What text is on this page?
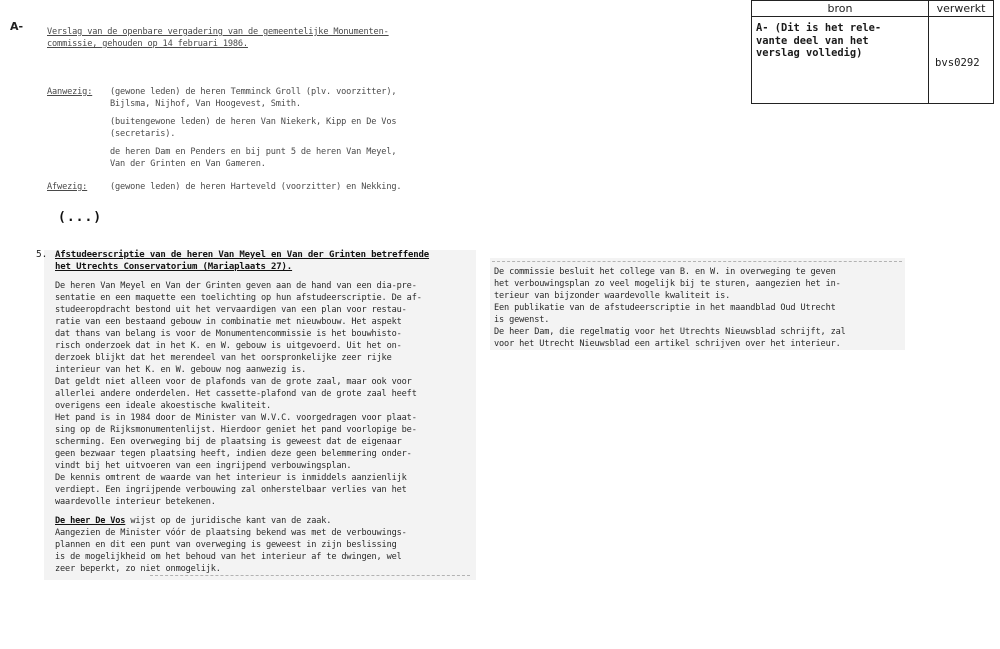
A-
bron	verwerkt
A- (Dit is het rele-
vante deel van het
verslag volledig)	bvs0292
Verslag van de openbare vergadering van de gemeentelijke Monumenten-
commissie, gehouden op 14 februari 1986.
Aanwezig: (gewone leden) de heren Temminck Groll (plv. voorzitter),
Bijlsma, Nijhof, Van Hoogevest, Smith.
(buitengewone leden) de heren Van Niekerk, Kipp en De Vos
(secretaris).
de heren Dam en Penders en bij punt 5 de heren Van Meyel,
Van der Grinten en Van Gameren.
Afwezig:	(gewone leden) de heren Harteveld (voorzitter) en Nekking.
(...)
5. Afstudeerscriptie van de heren Van Meyel en Van der Grinten betreffende
het Utrechts Conservatorium (Mariaplaats 27).
De heren Van Meyel en Van der Grinten geven aan de hand van een dia-pre-
sentatie en een maquette een toelichting op hun afstudeerscriptie. De af-
studeeropdracht bestond uit het vervaardigen van een plan voor restau-
ratie van een bestaand gebouw in combinatie met nieuwbouw. Het aspekt
dat thans van belang is voor de Monumentencommissie is het bouwhisto-
risch onderzoek dat in het K. en W. gebouw is uitgevoerd. Uit het on-
derzoek blijkt dat het merendeel van het oorspronkelijke zeer rijke
interieur van het K. en W. gebouw nog aanwezig is.
Dat geldt niet alleen voor de plafonds van de grote zaal, maar ook voor
allerlei andere onderdelen. Het cassette-plafond van de grote zaal heeft
overigens een ideale akoestische kwaliteit.
Het pand is in 1984 door de Minister van W.V.C. voorgedragen voor plaat-
sing op de Rijksmonumentenlijst. Hierdoor geniet het pand voorlopige be-
scherming. Een overweging bij de plaatsing is geweest dat de eigenaar
geen bezwaar tegen plaatsing heeft, indien deze geen belemmering onder-
vindt bij het uitvoeren van een ingrijpend verbouwingsplan.
De kennis omtrent de waarde van het interieur is inmiddels aanzienlijk
verdiept. Een ingrijpende verbouwing zal onherstelbaar verlies van het
waardevolle interieur betekenen.
De heer De Vos wijst op de juridische kant van de zaak.
Aangezien de Minister vóór de plaatsing bekend was met de verbouwings-
plannen en dit een punt van overweging is geweest in zijn beslissing
is de mogelijkheid om het behoud van het interieur af te dwingen, wel
zeer beperkt, zo niet onmogelijk.
De commissie besluit het college van B. en W. in overweging te geven
het verbouwingsplan zo veel mogelijk bij te sturen, aangezien het in-
terieur van bijzonder waardevolle kwaliteit is.
Een publikatie van de afstudeerscriptie in het maandblad Oud Utrecht
is gewenst.
De heer Dam, die regelmatig voor het Utrechts Nieuwsblad schrijft, zal
voor het Utrecht Nieuwsblad een artikel schrijven over het interieur.
